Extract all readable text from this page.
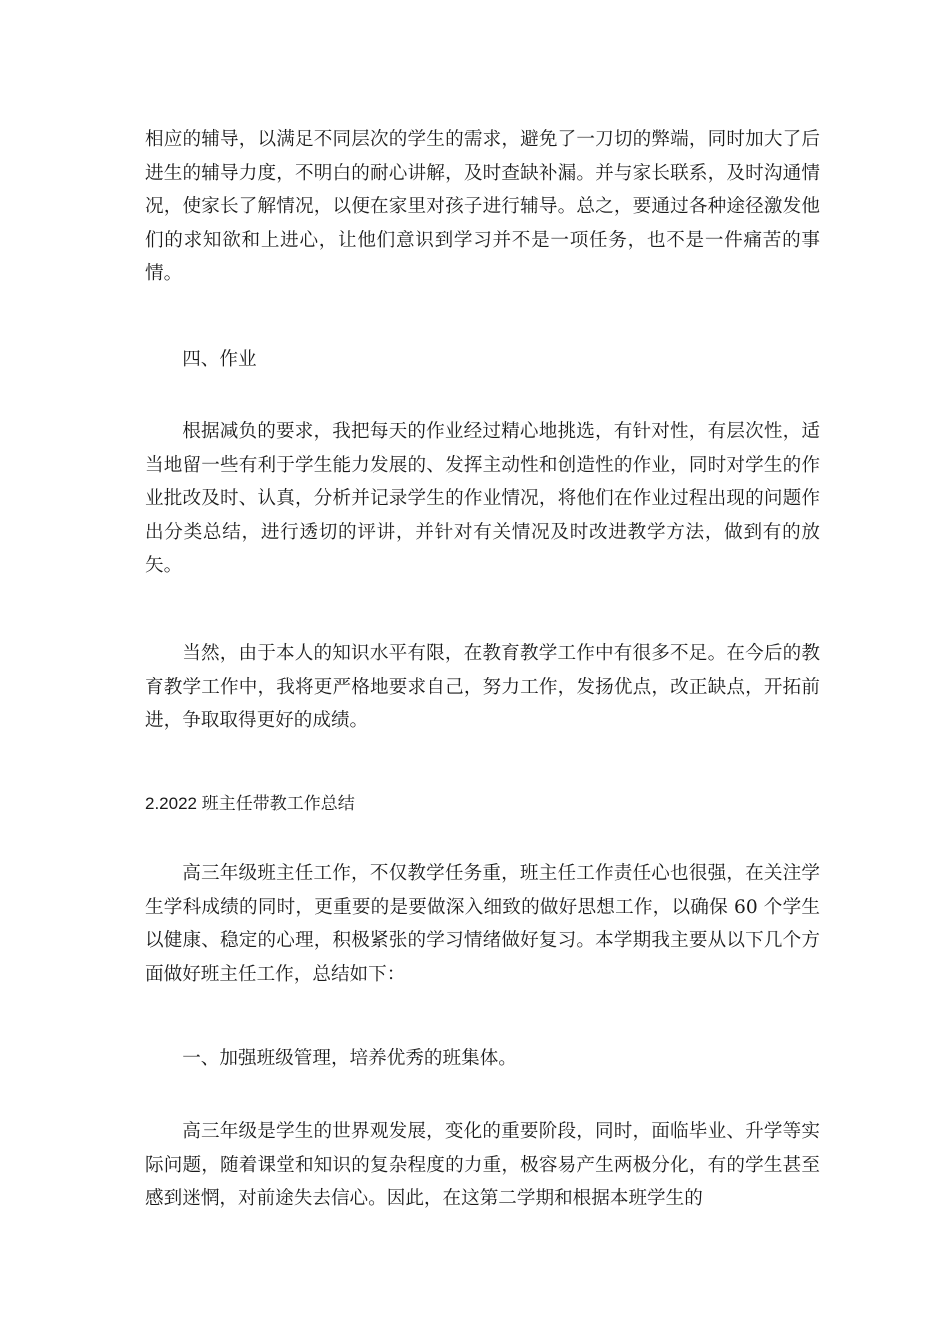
相应的辅导，以满足不同层次的学生的需求，避免了一刀切的弊端，同时加大了后进生的辅导力度，不明白的耐心讲解，及时查缺补漏。并与家长联系，及时沟通情况，使家长了解情况，以便在家里对孩子进行辅导。总之，要通过各种途径激发他们的求知欲和上进心，让他们意识到学习并不是一项任务，也不是一件痛苦的事情。

四、作业

根据减负的要求，我把每天的作业经过精心地挑选，有针对性，有层次性，适当地留一些有利于学生能力发展的、发挥主动性和创造性的作业，同时对学生的作业批改及时、认真，分析并记录学生的作业情况，将他们在作业过程出现的问题作出分类总结，进行透切的评讲，并针对有关情况及时改进教学方法，做到有的放矢。

当然，由于本人的知识水平有限，在教育教学工作中有很多不足。在今后的教育教学工作中，我将更严格地要求自己，努力工作，发扬优点，改正缺点，开拓前进，争取取得更好的成绩。

2.2022 班主任带教工作总结

高三年级班主任工作，不仅教学任务重，班主任工作责任心也很强，在关注学生学科成绩的同时，更重要的是要做深入细致的做好思想工作，以确保 60 个学生以健康、稳定的心理，积极紧张的学习情绪做好复习。本学期我主要从以下几个方面做好班主任工作，总结如下：

一、加强班级管理，培养优秀的班集体。

高三年级是学生的世界观发展，变化的重要阶段，同时，面临毕业、升学等实际问题，随着课堂和知识的复杂程度的力重，极容易产生两极分化，有的学生甚至感到迷惘，对前途失去信心。因此，在这第二学期和根据本班学生的
